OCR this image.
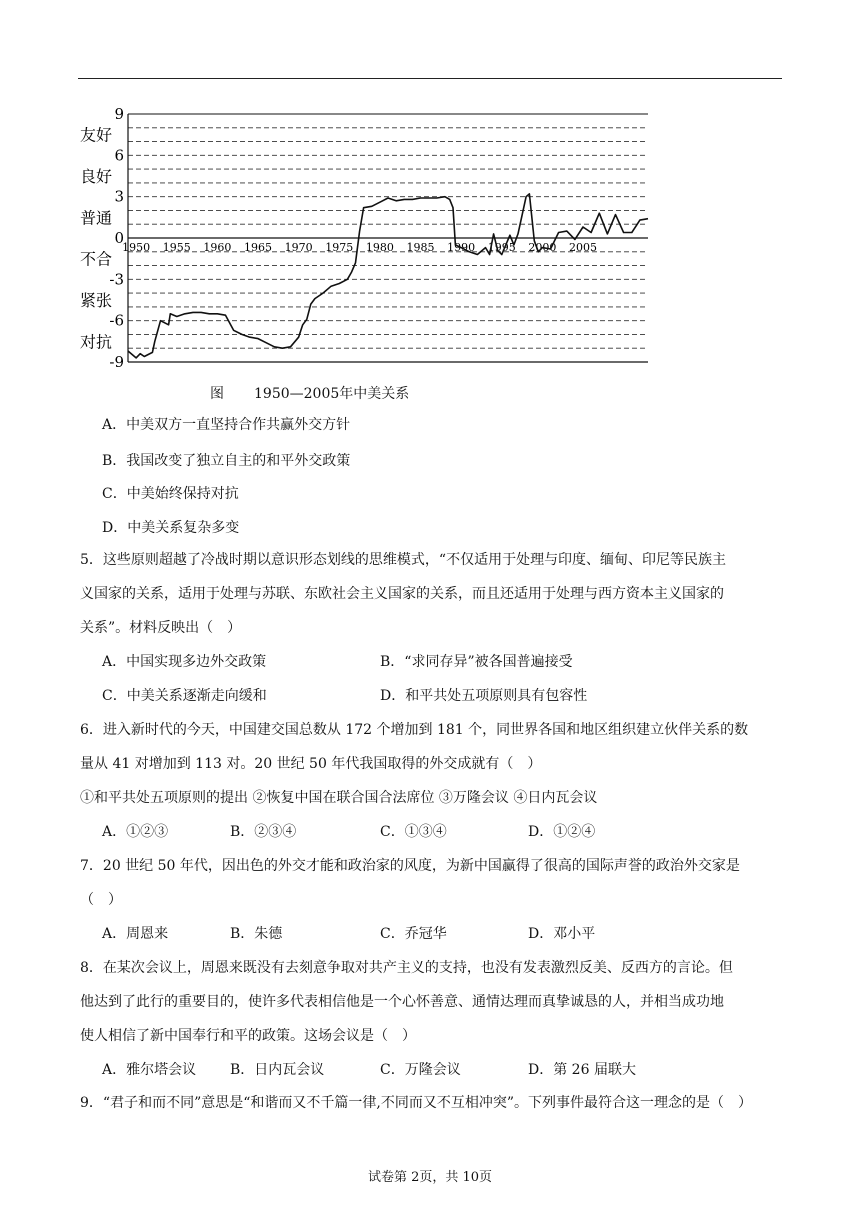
9
6
3
0
-3
-6
-9
友好
良好
普通
不合
紧张
对抗
1950 1955 1960 1965 1970 1975 1980 1985 1990 1995 2000 2005
图 1950—2005年中美关系
A．中美双方一直坚持合作共赢外交方针
B．我国改变了独立自主的和平外交政策
C．中美始终保持对抗
D．中美关系复杂多变
5．这些原则超越了冷战时期以意识形态划线的思维模式，“不仅适用于处理与印度、缅甸、印尼等民族主
义国家的关系，适用于处理与苏联、东欧社会主义国家的关系，而且还适用于处理与西方资本主义国家的
关系”。材料反映出（　）
A．中国实现多边外交政策	B．“求同存异”被各国普遍接受
C．中美关系逐渐走向缓和	D．和平共处五项原则具有包容性
6．进入新时代的今天，中国建交国总数从 172 个增加到 181 个，同世界各国和地区组织建立伙伴关系的数
量从 41 对增加到 113 对。20 世纪 50 年代我国取得的外交成就有（　）
①和平共处五项原则的提出 ②恢复中国在联合国合法席位 ③万隆会议 ④日内瓦会议
A．①②③	B．②③④	C．①③④	D．①②④
7．20 世纪 50 年代，因出色的外交才能和政治家的风度，为新中国赢得了很高的国际声誉的政治外交家是
（　）
A．周恩来	B．朱德	C．乔冠华	D．邓小平
8．在某次会议上，周恩来既没有去刻意争取对共产主义的支持，也没有发表激烈反美、反西方的言论。但
他达到了此行的重要目的，使许多代表相信他是一个心怀善意、通情达理而真挚诚恳的人，并相当成功地
使人相信了新中国奉行和平的政策。这场会议是（　）
A．雅尔塔会议 B．日内瓦会议	C．万隆会议	D．第 26 届联大
9．“君子和而不同”意思是“和谐而又不千篇一律,不同而又不互相冲突”。下列事件最符合这一理念的是（　）
试卷第 2页，共 10页
